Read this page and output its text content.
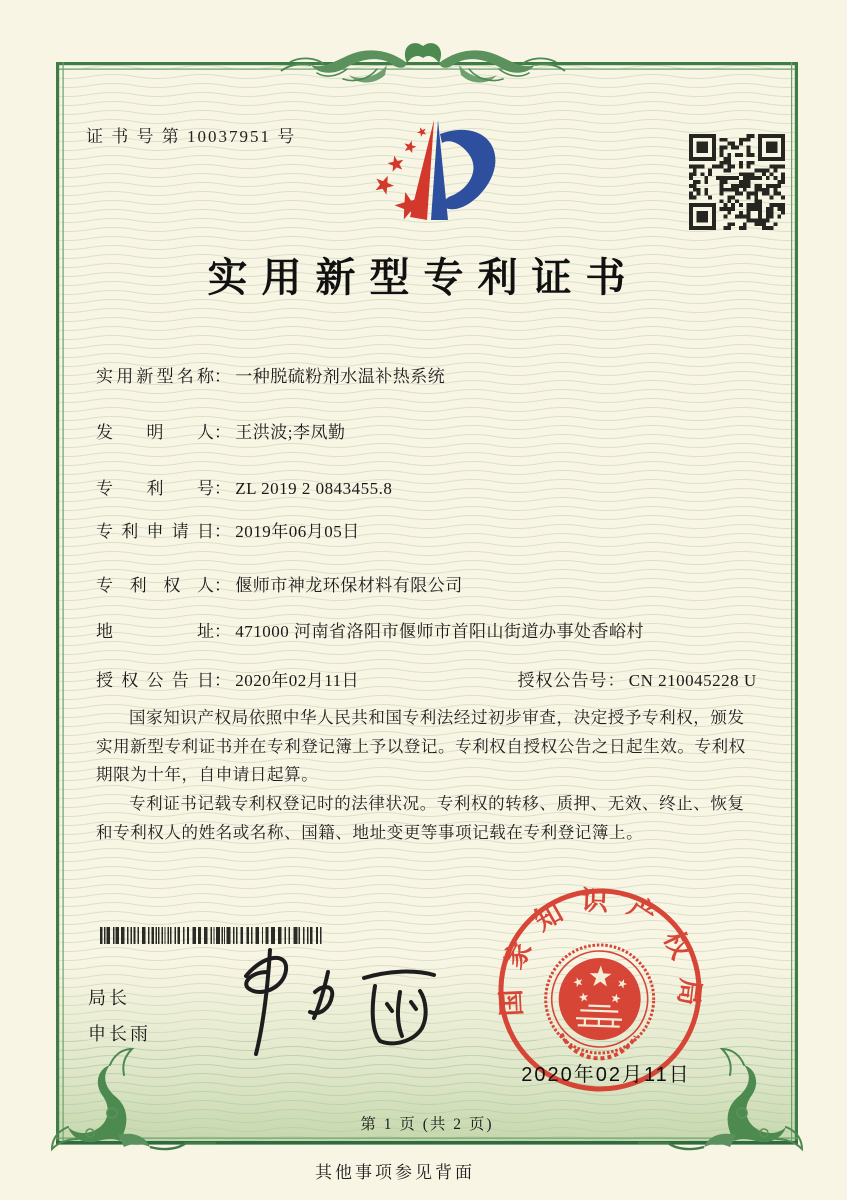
证 书 号 第 10037951 号
实用新型专利证书
实用新型名称： 一种脱硫粉剂水温补热系统
发明人： 王洪波;李凤勤
专利号： ZL 2019 2 0843455.8
专利申请日： 2019年06月05日
专利权人： 偃师市神龙环保材料有限公司
地址： 471000 河南省洛阳市偃师市首阳山街道办事处香峪村
授权公告日： 2020年02月11日	授权公告号： CN 210045228 U

国家知识产权局依照中华人民共和国专利法经过初步审查，决定授予专利权，颁发实用新型专利证书并在专利登记簿上予以登记。专利权自授权公告之日起生效。专利权期限为十年，自申请日起算。

专利证书记载专利权登记时的法律状况。专利权的转移、质押、无效、终止、恢复和专利权人的姓名或名称、国籍、地址变更等事项记载在专利登记簿上。

局长
申长雨
国家知识产权局
2020年02月11日
第 1 页 (共 2 页)
其他事项参见背面
